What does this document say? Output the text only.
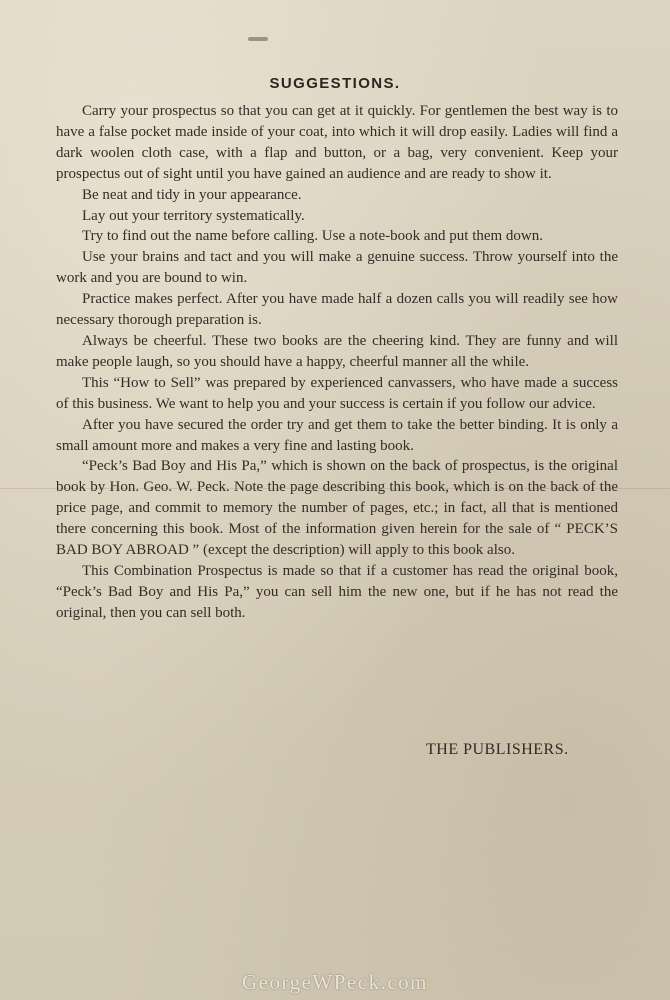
SUGGESTIONS.

Carry your prospectus so that you can get at it quickly. For gentlemen the best way is to have a false pocket made inside of your coat, into which it will drop easily. Ladies will find a dark woolen cloth case, with a flap and button, or a bag, very convenient. Keep your prospectus out of sight until you have gained an audience and are ready to show it.

Be neat and tidy in your appearance.

Lay out your territory systematically.

Try to find out the name before calling. Use a note-book and put them down.

Use your brains and tact and you will make a genuine success. Throw yourself into the work and you are bound to win.

Practice makes perfect. After you have made half a dozen calls you will readily see how necessary thorough preparation is.

Always be cheerful. These two books are the cheering kind. They are funny and will make people laugh, so you should have a happy, cheerful manner all the while.

This “How to Sell” was prepared by experienced canvassers, who have made a success of this business. We want to help you and your success is certain if you follow our advice.

After you have secured the order try and get them to take the better binding. It is only a small amount more and makes a very fine and lasting book.

“Peck’s Bad Boy and His Pa,” which is shown on the back of prospectus, is the original book by Hon. Geo. W. Peck. Note the page describing this book, which is on the back of the price page, and commit to memory the number of pages, etc.; in fact, all that is mentioned there concerning this book. Most of the information given herein for the sale of “ PECK’S BAD BOY ABROAD ” (except the description) will apply to this book also.

This Combination Prospectus is made so that if a customer has read the original book, “Peck’s Bad Boy and His Pa,” you can sell him the new one, but if he has not read the original, then you can sell both.

THE PUBLISHERS.
GeorgeWPeck.com
